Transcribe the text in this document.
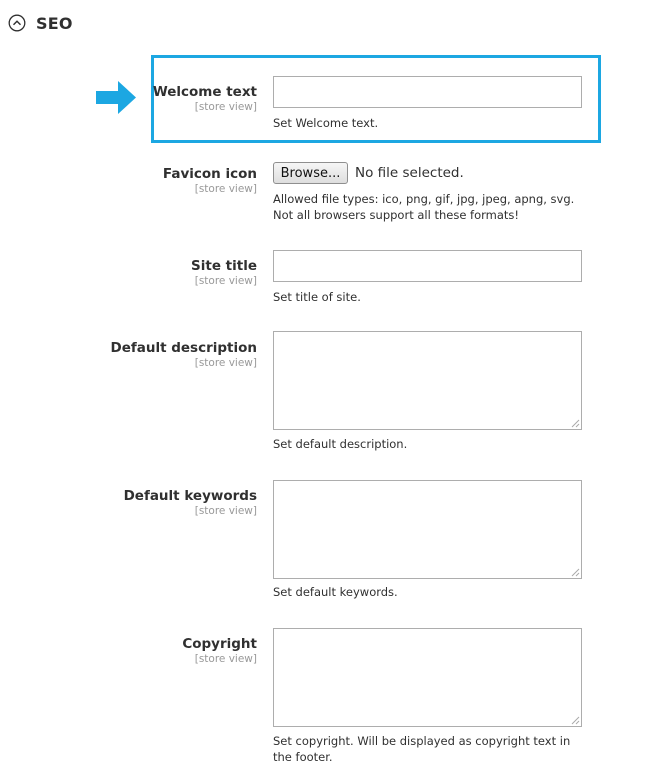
SEO
Welcome text
[store view]
Set Welcome text.
Favicon icon
[store view]
Browse...	No file selected.
Allowed file types: ico, png, gif, jpg, jpeg, apng, svg. Not all browsers support all these formats!
Site title
[store view]
Set title of site.
Default description
[store view]
Set default description.
Default keywords
[store view]
Set default keywords.
Copyright
[store view]
Set copyright. Will be displayed as copyright text in the footer.
